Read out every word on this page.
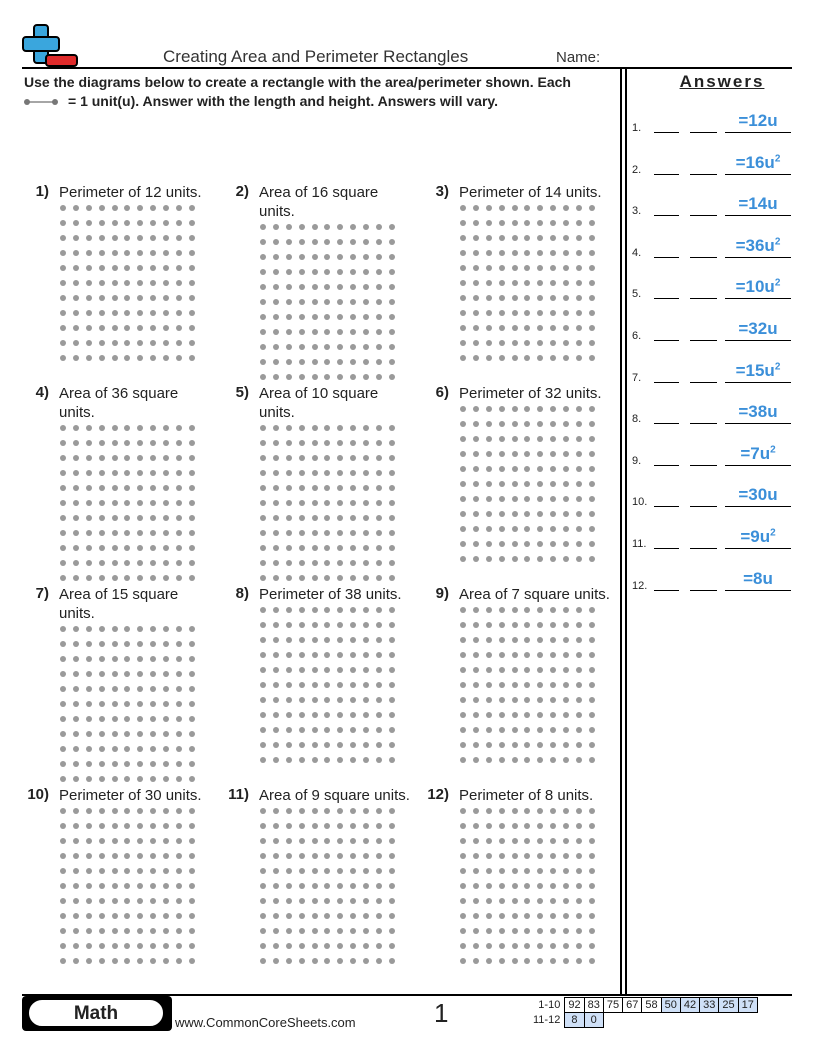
Creating Area and Perimeter Rectangles	Name:
Use the diagrams below to create a rectangle with the area/perimeter shown. Each
= 1 unit(u). Answer with the length and height. Answers will vary.
Answers
1.	=12u
2.	$=16u^2$
3.	=14u
4.	$=36u^2$
5.	$=10u^2$
6.	=32u
7.	$=15u^2$
8.	=38u
9.	$=7u^2$
10.	=30u
11.	$=9u^2$
12.	=8u
1) Perimeter of 12 units.	2) Area of 16 square units.
3) Perimeter of 14 units.
4) Area of 36 square units.
5) Area of 10 square units.
6) Perimeter of 32 units.
7) Area of 15 square units.
8) Perimeter of 38 units.	9) Area of 7 square units.
10) Perimeter of 30 units.	11) Area of 9 square units.	12) Perimeter of 8 units.
Math	www.CommonCoreSheets.com	1	1-10	92	83	75	67	58	50	42	33	25	17
11-12	8	0								
